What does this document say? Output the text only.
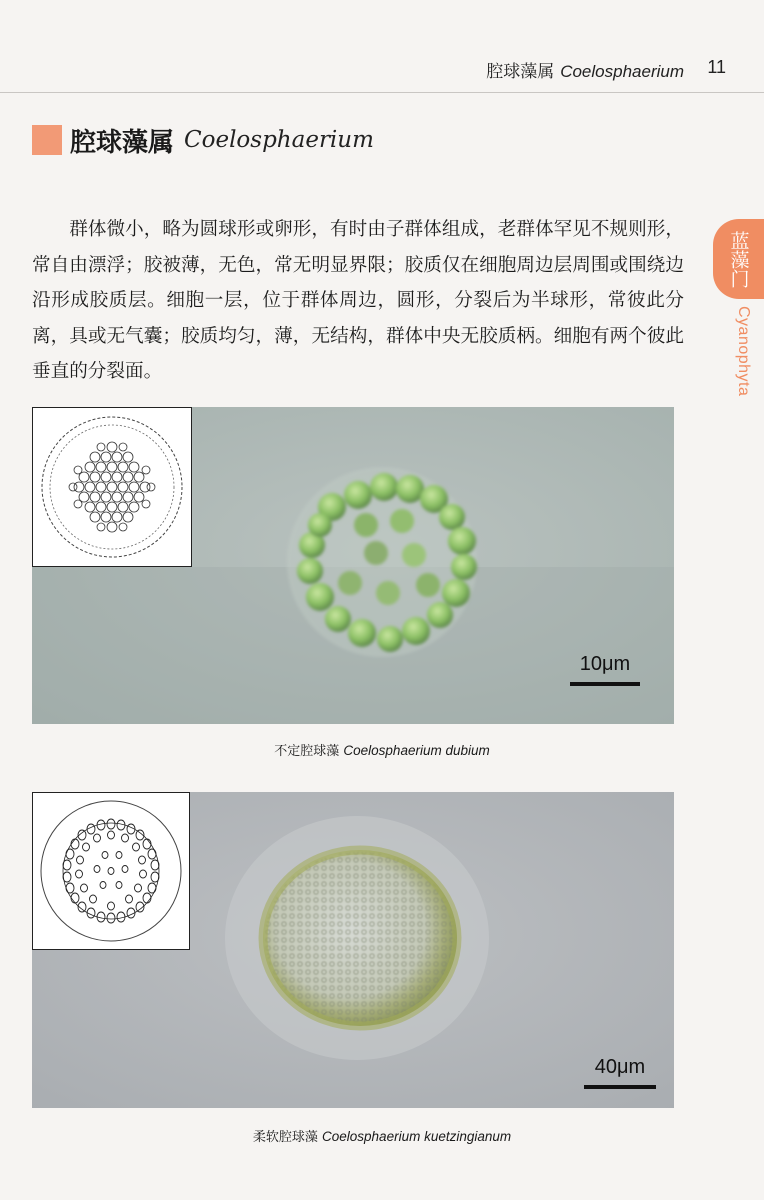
腔球藻属 Coelosphaerium 11
蓝藻门
Cyanophyta
腔球藻属 Coelosphaerium

群体微小，略为圆球形或卵形，有时由子群体组成，老群体罕见不规则形，常自由漂浮；胶被薄，无色，常无明显界限；胶质仅在细胞周边层周围或围绕边沿形成胶质层。细胞一层，位于群体周边，圆形，分裂后为半球形，常彼此分离，具或无气囊；胶质均匀，薄，无结构，群体中央无胶质柄。细胞有两个彼此垂直的分裂面。

10μm
不定腔球藻 Coelosphaerium dubium
40μm
柔软腔球藻 Coelosphaerium kuetzingianum
